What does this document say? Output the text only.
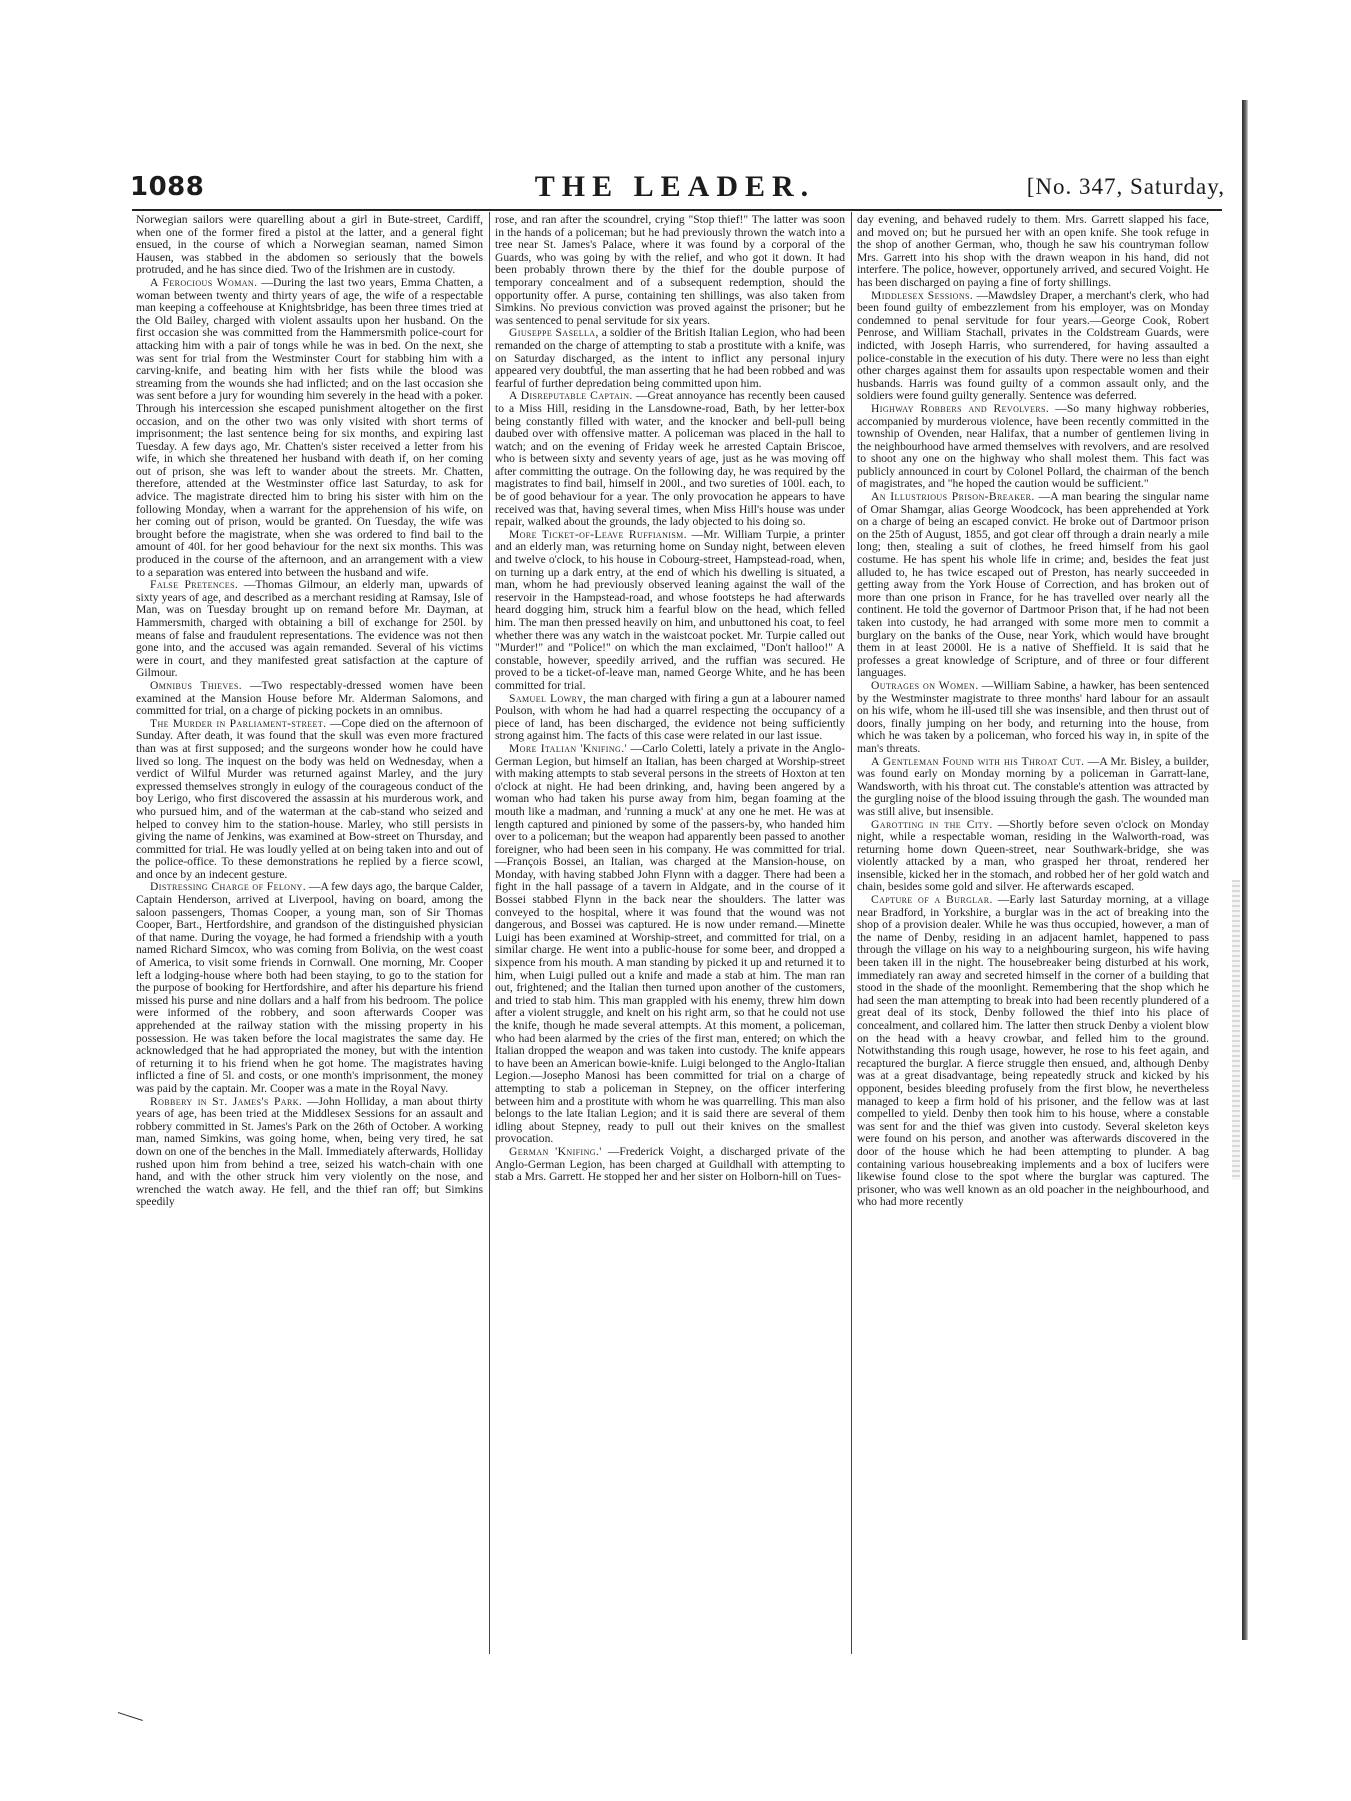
1088	THE LEADER.	[No. 347, Saturday,

Norwegian sailors were quarelling about a girl in Bute-street, Cardiff, when one of the former fired a pistol at the latter, and a general fight ensued, in the course of which a Norwegian seaman, named Simon Hausen, was stabbed in the abdomen so seriously that the bowels protruded, and he has since died. Two of the Irishmen are in custody.

A Ferocious Woman. —During the last two years, Emma Chatten, a woman between twenty and thirty years of age, the wife of a respectable man keeping a coffeehouse at Knightsbridge, has been three times tried at the Old Bailey, charged with violent assaults upon her husband. On the first occasion she was committed from the Hammersmith police-court for attacking him with a pair of tongs while he was in bed. On the next, she was sent for trial from the Westminster Court for stabbing him with a carving-knife, and beating him with her fists while the blood was streaming from the wounds she had inflicted; and on the last occasion she was sent before a jury for wounding him severely in the head with a poker. Through his intercession she escaped punishment altogether on the first occasion, and on the other two was only visited with short terms of imprisonment; the last sentence being for six months, and expiring last Tuesday. A few days ago, Mr. Chatten's sister received a letter from his wife, in which she threatened her husband with death if, on her coming out of prison, she was left to wander about the streets. Mr. Chatten, therefore, attended at the Westminster office last Saturday, to ask for advice. The magistrate directed him to bring his sister with him on the following Monday, when a warrant for the apprehension of his wife, on her coming out of prison, would be granted. On Tuesday, the wife was brought before the magistrate, when she was ordered to find bail to the amount of 40l. for her good behaviour for the next six months. This was produced in the course of the afternoon, and an arrangement with a view to a separation was entered into between the husband and wife.

False Pretences. —Thomas Gilmour, an elderly man, upwards of sixty years of age, and described as a merchant residing at Ramsay, Isle of Man, was on Tuesday brought up on remand before Mr. Dayman, at Hammersmith, charged with obtaining a bill of exchange for 250l. by means of false and fraudulent representations. The evidence was not then gone into, and the accused was again remanded. Several of his victims were in court, and they manifested great satisfaction at the capture of Gilmour.

Omnibus Thieves. —Two respectably-dressed women have been examined at the Mansion House before Mr. Alderman Salomons, and committed for trial, on a charge of picking pockets in an omnibus.

The Murder in Parliament-street. —Cope died on the afternoon of Sunday. After death, it was found that the skull was even more fractured than was at first supposed; and the surgeons wonder how he could have lived so long. The inquest on the body was held on Wednesday, when a verdict of Wilful Murder was returned against Marley, and the jury expressed themselves strongly in eulogy of the courageous conduct of the boy Lerigo, who first discovered the assassin at his murderous work, and who pursued him, and of the waterman at the cab-stand who seized and helped to convey him to the station-house. Marley, who still persists in giving the name of Jenkins, was examined at Bow-street on Thursday, and committed for trial. He was loudly yelled at on being taken into and out of the police-office. To these demonstrations he replied by a fierce scowl, and once by an indecent gesture.

Distressing Charge of Felony. —A few days ago, the barque Calder, Captain Henderson, arrived at Liverpool, having on board, among the saloon passengers, Thomas Cooper, a young man, son of Sir Thomas Cooper, Bart., Hertfordshire, and grandson of the distinguished physician of that name. During the voyage, he had formed a friendship with a youth named Richard Simcox, who was coming from Bolivia, on the west coast of America, to visit some friends in Cornwall. One morning, Mr. Cooper left a lodging-house where both had been staying, to go to the station for the purpose of booking for Hertfordshire, and after his departure his friend missed his purse and nine dollars and a half from his bedroom. The police were informed of the robbery, and soon afterwards Cooper was apprehended at the railway station with the missing property in his possession. He was taken before the local magistrates the same day. He acknowledged that he had appropriated the money, but with the intention of returning it to his friend when he got home. The magistrates having inflicted a fine of 5l. and costs, or one month's imprisonment, the money was paid by the captain. Mr. Cooper was a mate in the Royal Navy.

Robbery in St. James's Park. —John Holliday, a man about thirty years of age, has been tried at the Middlesex Sessions for an assault and robbery committed in St. James's Park on the 26th of October. A working man, named Simkins, was going home, when, being very tired, he sat down on one of the benches in the Mall. Immediately afterwards, Holliday rushed upon him from behind a tree, seized his watch-chain with one hand, and with the other struck him very violently on the nose, and wrenched the watch away. He fell, and the thief ran off; but Simkins speedily

rose, and ran after the scoundrel, crying "Stop thief!" The latter was soon in the hands of a policeman; but he had previously thrown the watch into a tree near St. James's Palace, where it was found by a corporal of the Guards, who was going by with the relief, and who got it down. It had been probably thrown there by the thief for the double purpose of temporary concealment and of a subsequent redemption, should the opportunity offer. A purse, containing ten shillings, was also taken from Simkins. No previous conviction was proved against the prisoner; but he was sentenced to penal servitude for six years.

Giuseppe Sasella, a soldier of the British Italian Legion, who had been remanded on the charge of attempting to stab a prostitute with a knife, was on Saturday discharged, as the intent to inflict any personal injury appeared very doubtful, the man asserting that he had been robbed and was fearful of further depredation being committed upon him.

A Disreputable Captain. —Great annoyance has recently been caused to a Miss Hill, residing in the Lansdowne-road, Bath, by her letter-box being constantly filled with water, and the knocker and bell-pull being daubed over with offensive matter. A policeman was placed in the hall to watch; and on the evening of Friday week he arrested Captain Briscoe, who is between sixty and seventy years of age, just as he was moving off after committing the outrage. On the following day, he was required by the magistrates to find bail, himself in 200l., and two sureties of 100l. each, to be of good behaviour for a year. The only provocation he appears to have received was that, having several times, when Miss Hill's house was under repair, walked about the grounds, the lady objected to his doing so.

More Ticket-of-Leave Ruffianism. —Mr. William Turpie, a printer and an elderly man, was returning home on Sunday night, between eleven and twelve o'clock, to his house in Cobourg-street, Hampstead-road, when, on turning up a dark entry, at the end of which his dwelling is situated, a man, whom he had previously observed leaning against the wall of the reservoir in the Hampstead-road, and whose footsteps he had afterwards heard dogging him, struck him a fearful blow on the head, which felled him. The man then pressed heavily on him, and unbuttoned his coat, to feel whether there was any watch in the waistcoat pocket. Mr. Turpie called out "Murder!" and "Police!" on which the man exclaimed, "Don't halloo!" A constable, however, speedily arrived, and the ruffian was secured. He proved to be a ticket-of-leave man, named George White, and he has been committed for trial.

Samuel Lowry, the man charged with firing a gun at a labourer named Poulson, with whom he had had a quarrel respecting the occupancy of a piece of land, has been discharged, the evidence not being sufficiently strong against him. The facts of this case were related in our last issue.

More Italian 'Knifing.' —Carlo Coletti, lately a private in the Anglo-German Legion, but himself an Italian, has been charged at Worship-street with making attempts to stab several persons in the streets of Hoxton at ten o'clock at night. He had been drinking, and, having been angered by a woman who had taken his purse away from him, began foaming at the mouth like a madman, and 'running a muck' at any one he met. He was at length captured and pinioned by some of the passers-by, who handed him over to a policeman; but the weapon had apparently been passed to another foreigner, who had been seen in his company. He was committed for trial.—François Bossei, an Italian, was charged at the Mansion-house, on Monday, with having stabbed John Flynn with a dagger. There had been a fight in the hall passage of a tavern in Aldgate, and in the course of it Bossei stabbed Flynn in the back near the shoulders. The latter was conveyed to the hospital, where it was found that the wound was not dangerous, and Bossei was captured. He is now under remand.—Minette Luigi has been examined at Worship-street, and committed for trial, on a similar charge. He went into a public-house for some beer, and dropped a sixpence from his mouth. A man standing by picked it up and returned it to him, when Luigi pulled out a knife and made a stab at him. The man ran out, frightened; and the Italian then turned upon another of the customers, and tried to stab him. This man grappled with his enemy, threw him down after a violent struggle, and knelt on his right arm, so that he could not use the knife, though he made several attempts. At this moment, a policeman, who had been alarmed by the cries of the first man, entered; on which the Italian dropped the weapon and was taken into custody. The knife appears to have been an American bowie-knife. Luigi belonged to the Anglo-Italian Legion.—Josepho Manosi has been committed for trial on a charge of attempting to stab a policeman in Stepney, on the officer interfering between him and a prostitute with whom he was quarrelling. This man also belongs to the late Italian Legion; and it is said there are several of them idling about Stepney, ready to pull out their knives on the smallest provocation.

German 'Knifing.' —Frederick Voight, a discharged private of the Anglo-German Legion, has been charged at Guildhall with attempting to stab a Mrs. Garrett. He stopped her and her sister on Holborn-hill on Tues-

day evening, and behaved rudely to them. Mrs. Garrett slapped his face, and moved on; but he pursued her with an open knife. She took refuge in the shop of another German, who, though he saw his countryman follow Mrs. Garrett into his shop with the drawn weapon in his hand, did not interfere. The police, however, opportunely arrived, and secured Voight. He has been discharged on paying a fine of forty shillings.

Middlesex Sessions. —Mawdsley Draper, a merchant's clerk, who had been found guilty of embezzlement from his employer, was on Monday condemned to penal servitude for four years.—George Cook, Robert Penrose, and William Stachall, privates in the Coldstream Guards, were indicted, with Joseph Harris, who surrendered, for having assaulted a police-constable in the execution of his duty. There were no less than eight other charges against them for assaults upon respectable women and their husbands. Harris was found guilty of a common assault only, and the soldiers were found guilty generally. Sentence was deferred.

Highway Robbers and Revolvers. —So many highway robberies, accompanied by murderous violence, have been recently committed in the township of Ovenden, near Halifax, that a number of gentlemen living in the neighbourhood have armed themselves with revolvers, and are resolved to shoot any one on the highway who shall molest them. This fact was publicly announced in court by Colonel Pollard, the chairman of the bench of magistrates, and "he hoped the caution would be sufficient."

An Illustrious Prison-Breaker. —A man bearing the singular name of Omar Shamgar, alias George Woodcock, has been apprehended at York on a charge of being an escaped convict. He broke out of Dartmoor prison on the 25th of August, 1855, and got clear off through a drain nearly a mile long; then, stealing a suit of clothes, he freed himself from his gaol costume. He has spent his whole life in crime; and, besides the feat just alluded to, he has twice escaped out of Preston, has nearly succeeded in getting away from the York House of Correction, and has broken out of more than one prison in France, for he has travelled over nearly all the continent. He told the governor of Dartmoor Prison that, if he had not been taken into custody, he had arranged with some more men to commit a burglary on the banks of the Ouse, near York, which would have brought them in at least 2000l. He is a native of Sheffield. It is said that he professes a great knowledge of Scripture, and of three or four different languages.

Outrages on Women. —William Sabine, a hawker, has been sentenced by the Westminster magistrate to three months' hard labour for an assault on his wife, whom he ill-used till she was insensible, and then thrust out of doors, finally jumping on her body, and returning into the house, from which he was taken by a policeman, who forced his way in, in spite of the man's threats.

A Gentleman Found with his Throat Cut. —A Mr. Bisley, a builder, was found early on Monday morning by a policeman in Garratt-lane, Wandsworth, with his throat cut. The constable's attention was attracted by the gurgling noise of the blood issuing through the gash. The wounded man was still alive, but insensible.

Garotting in the City. —Shortly before seven o'clock on Monday night, while a respectable woman, residing in the Walworth-road, was returning home down Queen-street, near Southwark-bridge, she was violently attacked by a man, who grasped her throat, rendered her insensible, kicked her in the stomach, and robbed her of her gold watch and chain, besides some gold and silver. He afterwards escaped.

Capture of a Burglar. —Early last Saturday morning, at a village near Bradford, in Yorkshire, a burglar was in the act of breaking into the shop of a provision dealer. While he was thus occupied, however, a man of the name of Denby, residing in an adjacent hamlet, happened to pass through the village on his way to a neighbouring surgeon, his wife having been taken ill in the night. The housebreaker being disturbed at his work, immediately ran away and secreted himself in the corner of a building that stood in the shade of the moonlight. Remembering that the shop which he had seen the man attempting to break into had been recently plundered of a great deal of its stock, Denby followed the thief into his place of concealment, and collared him. The latter then struck Denby a violent blow on the head with a heavy crowbar, and felled him to the ground. Notwithstanding this rough usage, however, he rose to his feet again, and recaptured the burglar. A fierce struggle then ensued, and, although Denby was at a great disadvantage, being repeatedly struck and kicked by his opponent, besides bleeding profusely from the first blow, he nevertheless managed to keep a firm hold of his prisoner, and the fellow was at last compelled to yield. Denby then took him to his house, where a constable was sent for and the thief was given into custody. Several skeleton keys were found on his person, and another was afterwards discovered in the door of the house which he had been attempting to plunder. A bag containing various housebreaking implements and a box of lucifers were likewise found close to the spot where the burglar was captured. The prisoner, who was well known as an old poacher in the neighbourhood, and who had more recently
